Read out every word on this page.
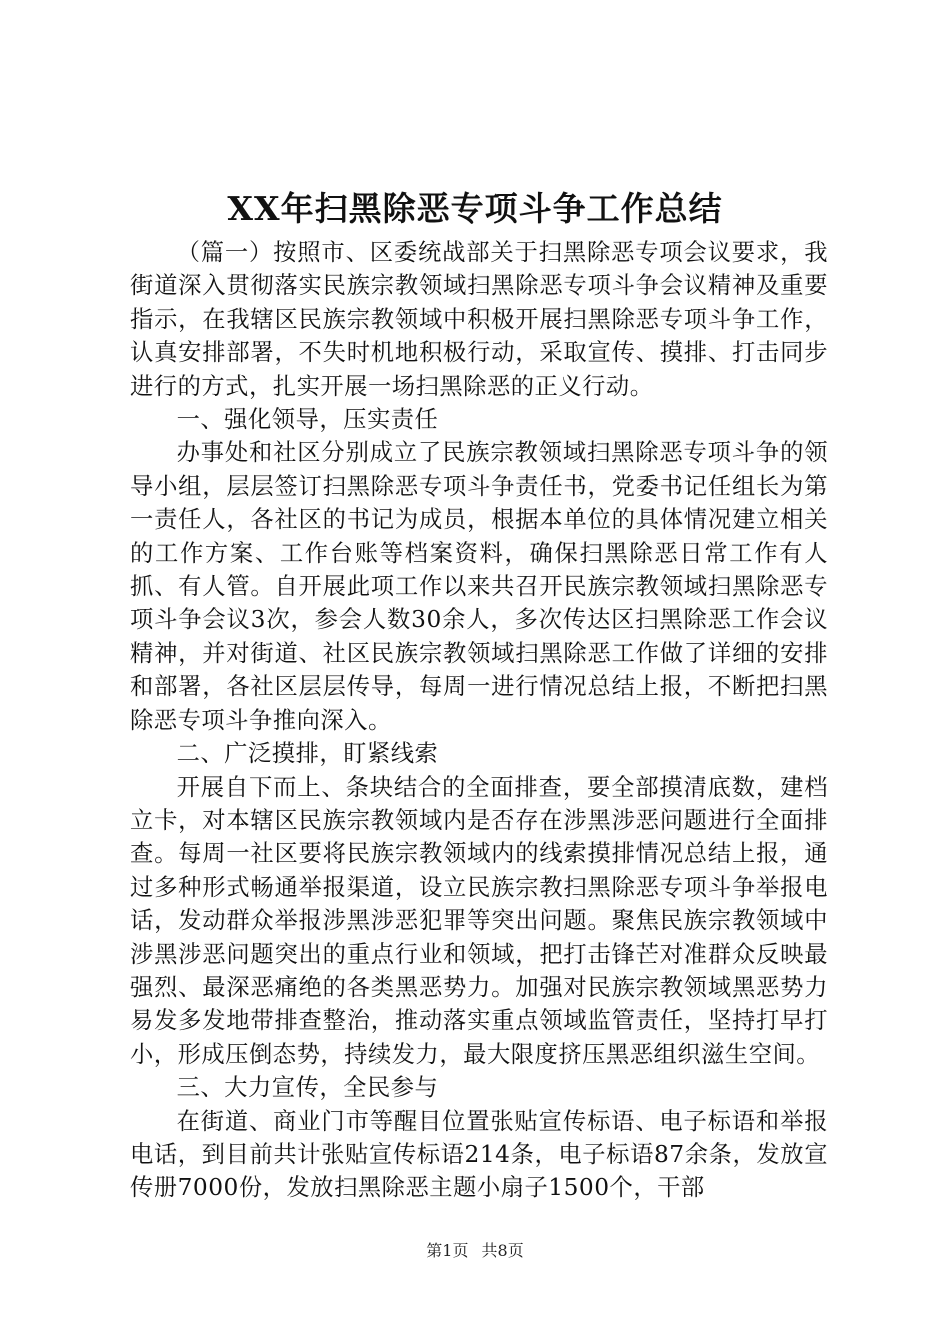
XX年扫黑除恶专项斗争工作总结

（篇一）按照市、区委统战部关于扫黑除恶专项会议要求，我街道深入贯彻落实民族宗教领域扫黑除恶专项斗争会议精神及重要指示，在我辖区民族宗教领域中积极开展扫黑除恶专项斗争工作，认真安排部署，不失时机地积极行动，采取宣传、摸排、打击同步进行的方式，扎实开展一场扫黑除恶的正义行动。

一、强化领导，压实责任

办事处和社区分别成立了民族宗教领域扫黑除恶专项斗争的领导小组，层层签订扫黑除恶专项斗争责任书，党委书记任组长为第一责任人，各社区的书记为成员，根据本单位的具体情况建立相关的工作方案、工作台账等档案资料，确保扫黑除恶日常工作有人抓、有人管。自开展此项工作以来共召开民族宗教领域扫黑除恶专项斗争会议3次，参会人数30余人，多次传达区扫黑除恶工作会议精神，并对街道、社区民族宗教领域扫黑除恶工作做了详细的安排和部署，各社区层层传导，每周一进行情况总结上报，不断把扫黑除恶专项斗争推向深入。

二、广泛摸排，盯紧线索

开展自下而上、条块结合的全面排查，要全部摸清底数，建档立卡，对本辖区民族宗教领域内是否存在涉黑涉恶问题进行全面排查。每周一社区要将民族宗教领域内的线索摸排情况总结上报，通过多种形式畅通举报渠道，设立民族宗教扫黑除恶专项斗争举报电话，发动群众举报涉黑涉恶犯罪等突出问题。聚焦民族宗教领域中涉黑涉恶问题突出的重点行业和领域，把打击锋芒对准群众反映最强烈、最深恶痛绝的各类黑恶势力。加强对民族宗教领域黑恶势力易发多发地带排查整治，推动落实重点领域监管责任，坚持打早打小，形成压倒态势，持续发力，最大限度挤压黑恶组织滋生空间。

三、大力宣传，全民参与

在街道、商业门市等醒目位置张贴宣传标语、电子标语和举报电话，到目前共计张贴宣传标语214条，电子标语87余条，发放宣传册7000份，发放扫黑除恶主题小扇子1500个，干部

第1页 共8页
